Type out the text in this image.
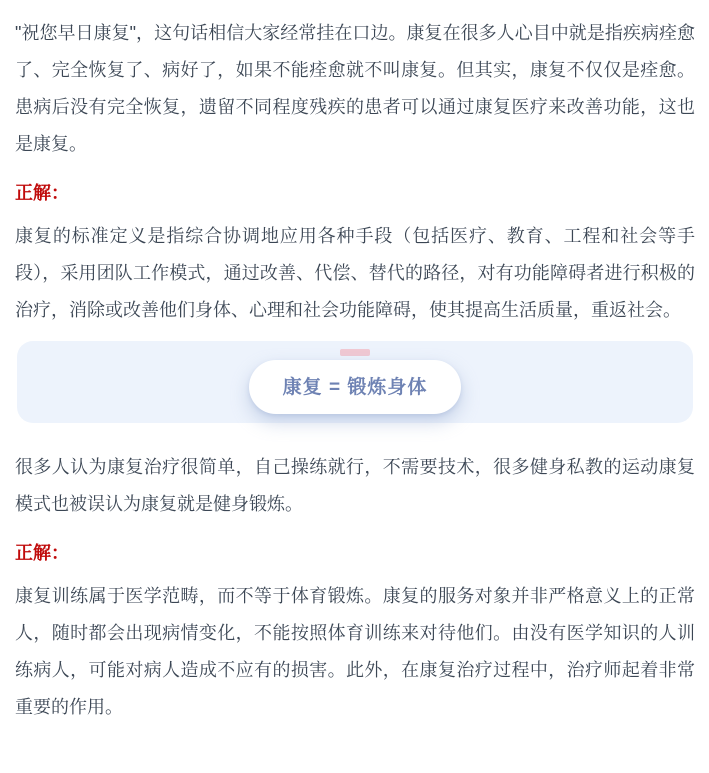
"祝您早日康复"，这句话相信大家经常挂在口边。康复在很多人心目中就是指疾病痊愈了、完全恢复了、病好了，如果不能痊愈就不叫康复。但其实，康复不仅仅是痊愈。患病后没有完全恢复，遗留不同程度残疾的患者可以通过康复医疗来改善功能，这也是康复。

正解：

康复的标准定义是指综合协调地应用各种手段（包括医疗、教育、工程和社会等手段），采用团队工作模式，通过改善、代偿、替代的路径，对有功能障碍者进行积极的治疗，消除或改善他们身体、心理和社会功能障碍，使其提高生活质量，重返社会。

康复 = 锻炼身体

很多人认为康复治疗很简单，自己操练就行，不需要技术，很多健身私教的运动康复模式也被误认为康复就是健身锻炼。

正解：

康复训练属于医学范畴，而不等于体育锻炼。康复的服务对象并非严格意义上的正常人，随时都会出现病情变化，不能按照体育训练来对待他们。由没有医学知识的人训练病人，可能对病人造成不应有的损害。此外，在康复治疗过程中，治疗师起着非常重要的作用。
